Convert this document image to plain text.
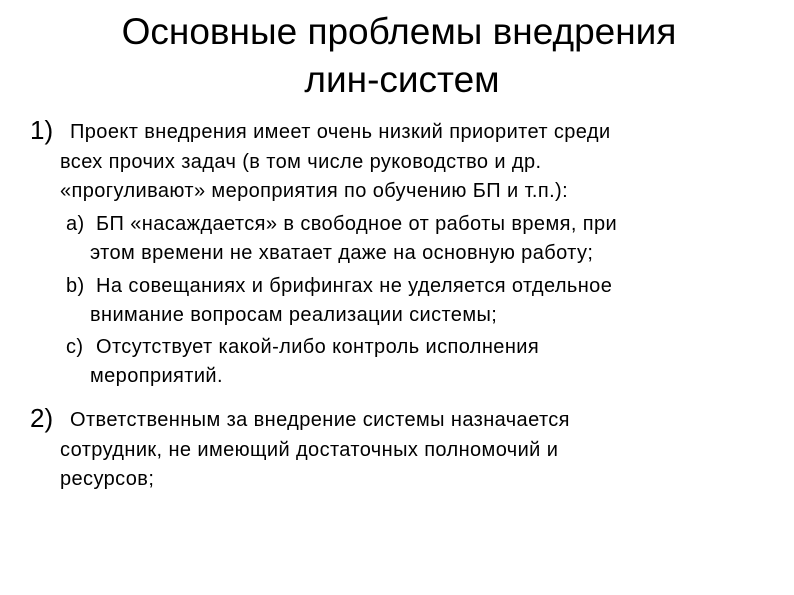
Основные проблемы внедрения
лин-систем
1) Проект внедрения имеет очень низкий приоритет среди
всех прочих задач (в том числе руководство и др.
«прогуливают» мероприятия по обучению БП и т.п.):
a) БП «насаждается» в свободное от работы время, при
этом времени не хватает даже на основную работу;
b) На совещаниях и брифингах не уделяется отдельное
внимание вопросам реализации системы;
c) Отсутствует какой-либо контроль исполнения
мероприятий.
2) Ответственным за внедрение системы назначается
сотрудник, не имеющий достаточных полномочий и
ресурсов;
